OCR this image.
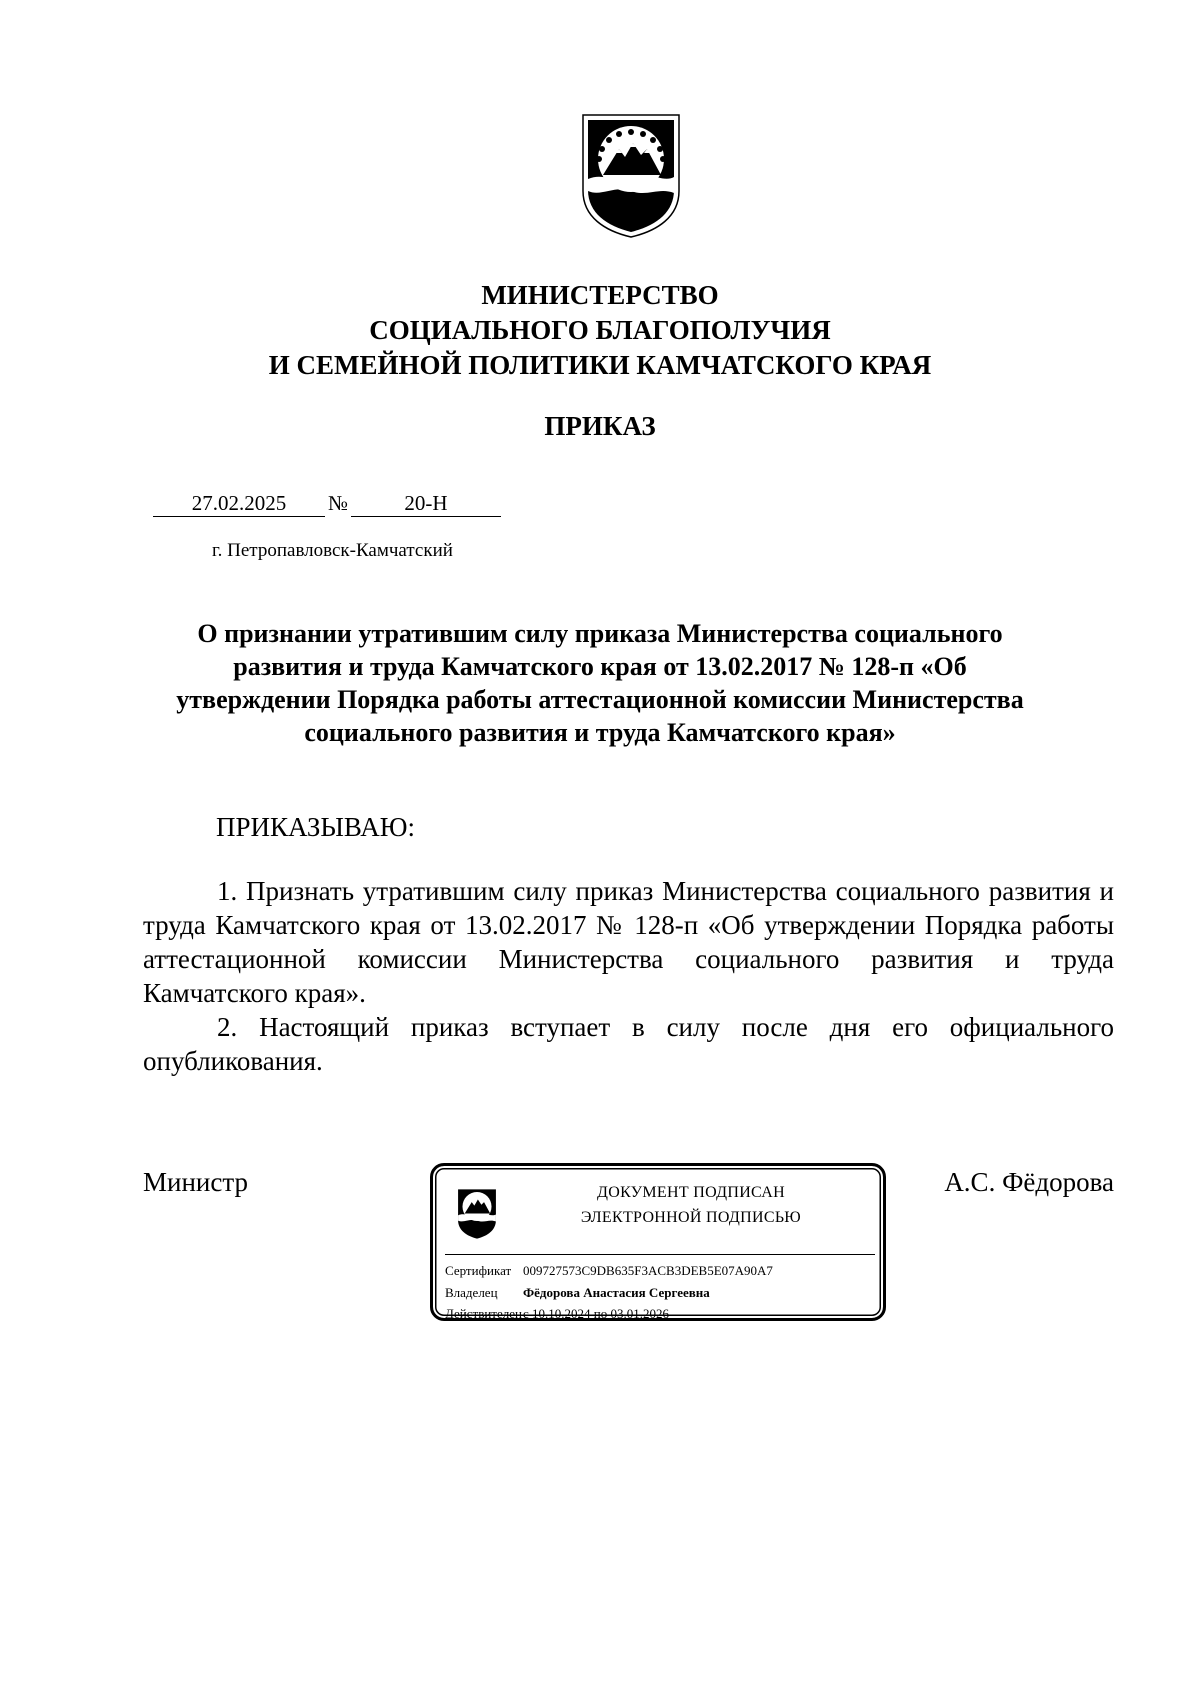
МИНИСТЕРСТВО
СОЦИАЛЬНОГО БЛАГОПОЛУЧИЯ
И СЕМЕЙНОЙ ПОЛИТИКИ КАМЧАТСКОГО КРАЯ
ПРИКАЗ
27.02.2025 №	20-Н
г. Петропавловск-Камчатский
О признании утратившим силу приказа Министерства социального
развития и труда Камчатского края от 13.02.2017 № 128-п «Об
утверждении Порядка работы аттестационной комиссии Министерства
социального развития и труда Камчатского края»
ПРИКАЗЫВАЮ:

1. Признать утратившим силу приказ Министерства социального развития и труда Камчатского края от 13.02.2017 № 128-п «Об утверждении Порядка работы аттестационной комиссии Министерства социального развития и труда Камчатского края».

2. Настоящий приказ вступает в силу после дня его официального опубликования.

Министр	А.С. Фёдорова
ДОКУМЕНТ ПОДПИСАН
ЭЛЕКТРОННОЙ ПОДПИСЬЮ
Сертификат 009727573C9DB635F3ACB3DEB5E07A90A7
Владелец Фёдорова Анастасия Сергеевна
Действителенс 10.10.2024 по 03.01.2026
